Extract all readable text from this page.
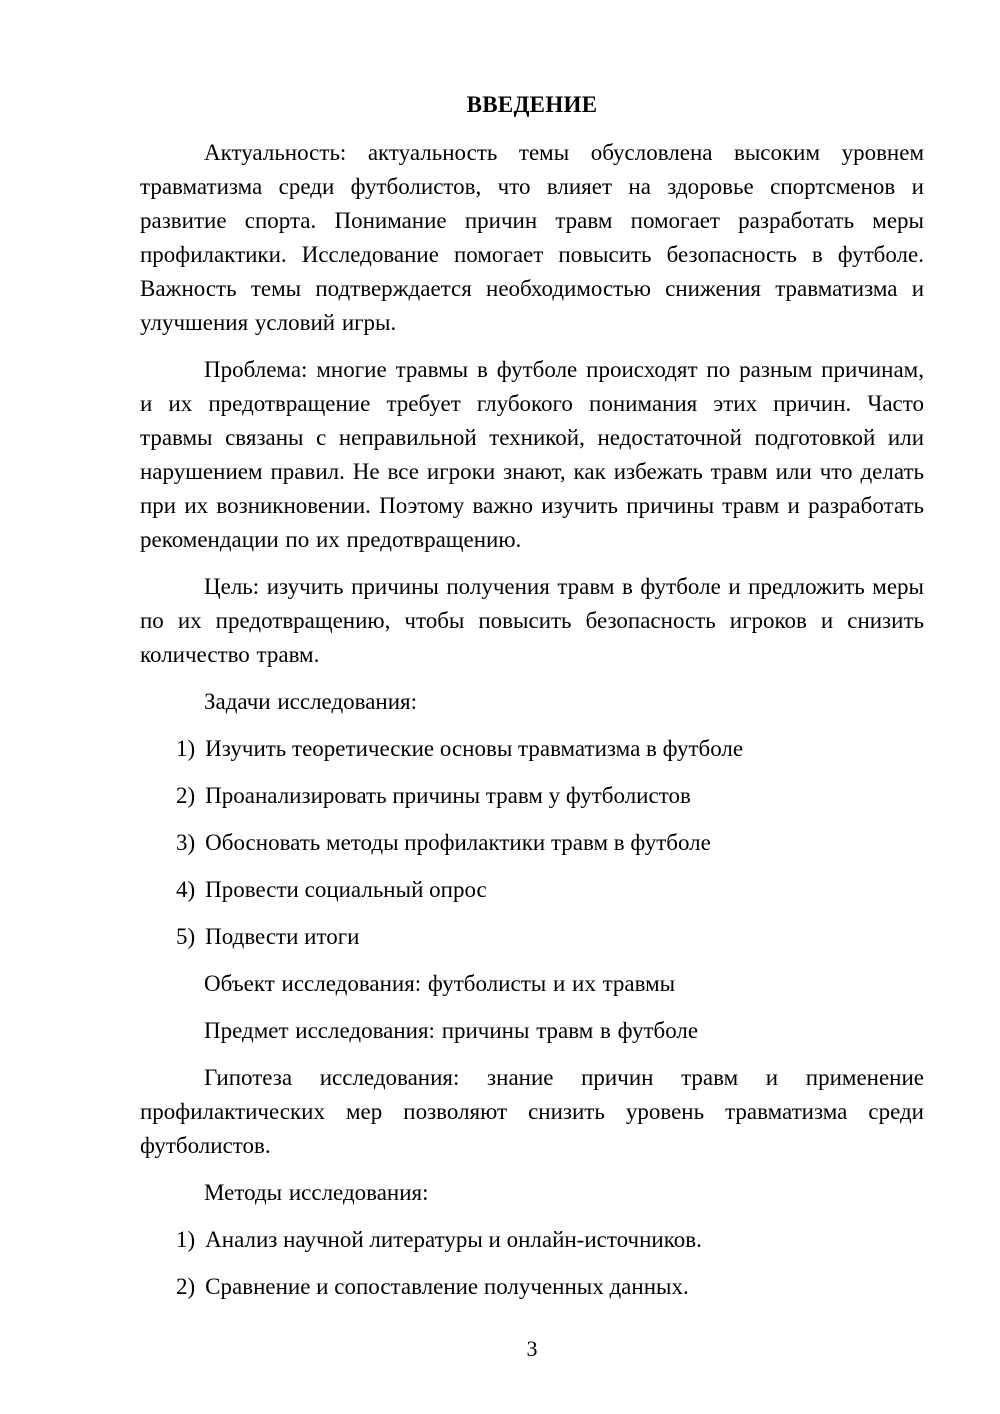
ВВЕДЕНИЕ

Актуальность: актуальность темы обусловлена высоким уровнем травматизма среди футболистов, что влияет на здоровье спортсменов и развитие спорта. Понимание причин травм помогает разработать меры профилактики. Исследование помогает повысить безопасность в футболе. Важность темы подтверждается необходимостью снижения травматизма и улучшения условий игры.

Проблема: многие травмы в футболе происходят по разным причинам, и их предотвращение требует глубокого понимания этих причин. Часто травмы связаны с неправильной техникой, недостаточной подготовкой или нарушением правил. Не все игроки знают, как избежать травм или что делать при их возникновении. Поэтому важно изучить причины травм и разработать рекомендации по их предотвращению.

Цель: изучить причины получения травм в футболе и предложить меры по их предотвращению, чтобы повысить безопасность игроков и снизить количество травм.

Задачи исследования:

1) Изучить теоретические основы травматизма в футболе
2) Проанализировать причины травм у футболистов
3) Обосновать методы профилактики травм в футболе
4) Провести социальный опрос
5) Подвести итоги

Объект исследования: футболисты и их травмы

Предмет исследования: причины травм в футболе

Гипотеза исследования: знание причин травм и применение профилактических мер позволяют снизить уровень травматизма среди футболистов.

Методы исследования:

1) Анализ научной литературы и онлайн-источников.
2) Сравнение и сопоставление полученных данных.
3
